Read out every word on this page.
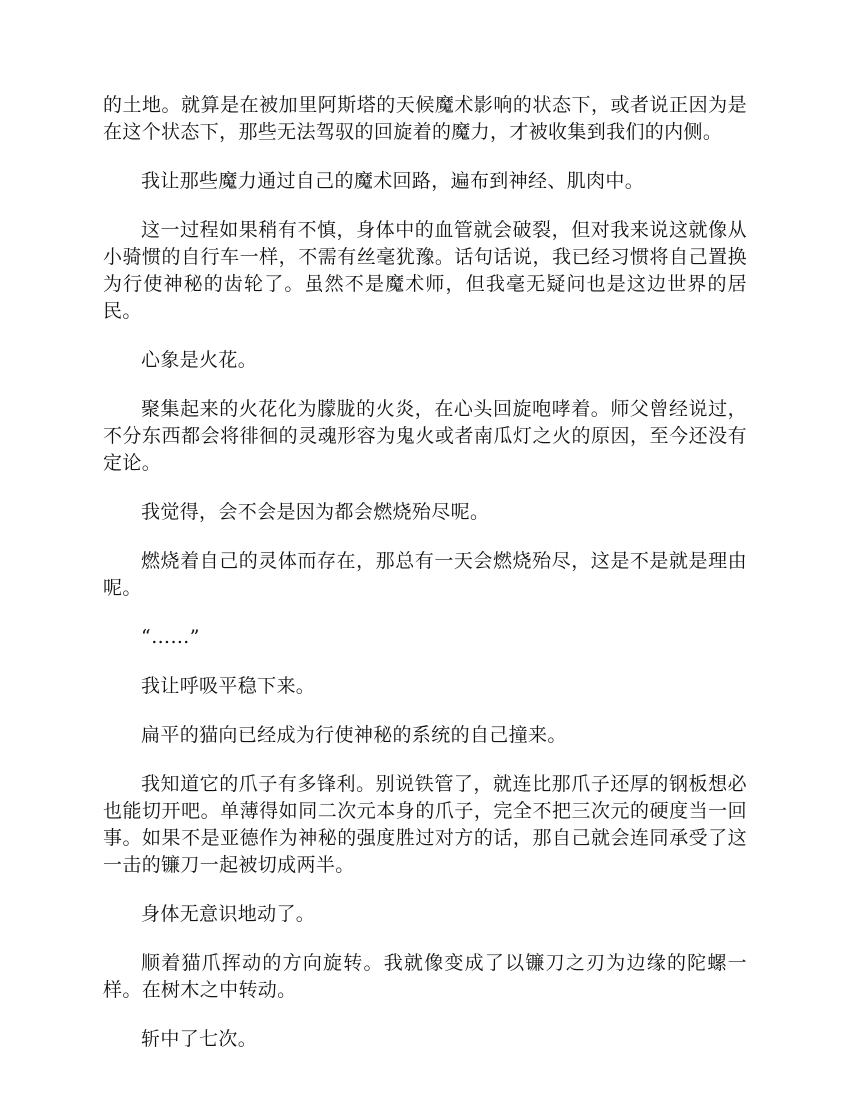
的土地。就算是在被加里阿斯塔的天候魔术影响的状态下，或者说正因为是在这个状态下，那些无法驾驭的回旋着的魔力，才被收集到我们的内侧。

我让那些魔力通过自己的魔术回路，遍布到神经、肌肉中。

这一过程如果稍有不慎，身体中的血管就会破裂，但对我来说这就像从小骑惯的自行车一样，不需有丝毫犹豫。话句话说，我已经习惯将自己置换为行使神秘的齿轮了。虽然不是魔术师，但我毫无疑问也是这边世界的居民。

心象是火花。

聚集起来的火花化为朦胧的火炎，在心头回旋咆哮着。师父曾经说过，不分东西都会将徘徊的灵魂形容为鬼火或者南瓜灯之火的原因，至今还没有定论。

我觉得，会不会是因为都会燃烧殆尽呢。

燃烧着自己的灵体而存在，那总有一天会燃烧殆尽，这是不是就是理由呢。

“……”

我让呼吸平稳下来。

扁平的猫向已经成为行使神秘的系统的自己撞来。

我知道它的爪子有多锋利。别说铁管了，就连比那爪子还厚的钢板想必也能切开吧。单薄得如同二次元本身的爪子，完全不把三次元的硬度当一回事。如果不是亚德作为神秘的强度胜过对方的话，那自己就会连同承受了这一击的镰刀一起被切成两半。

身体无意识地动了。

顺着猫爪挥动的方向旋转。我就像变成了以镰刀之刃为边缘的陀螺一样。在树木之中转动。

斩中了七次。
